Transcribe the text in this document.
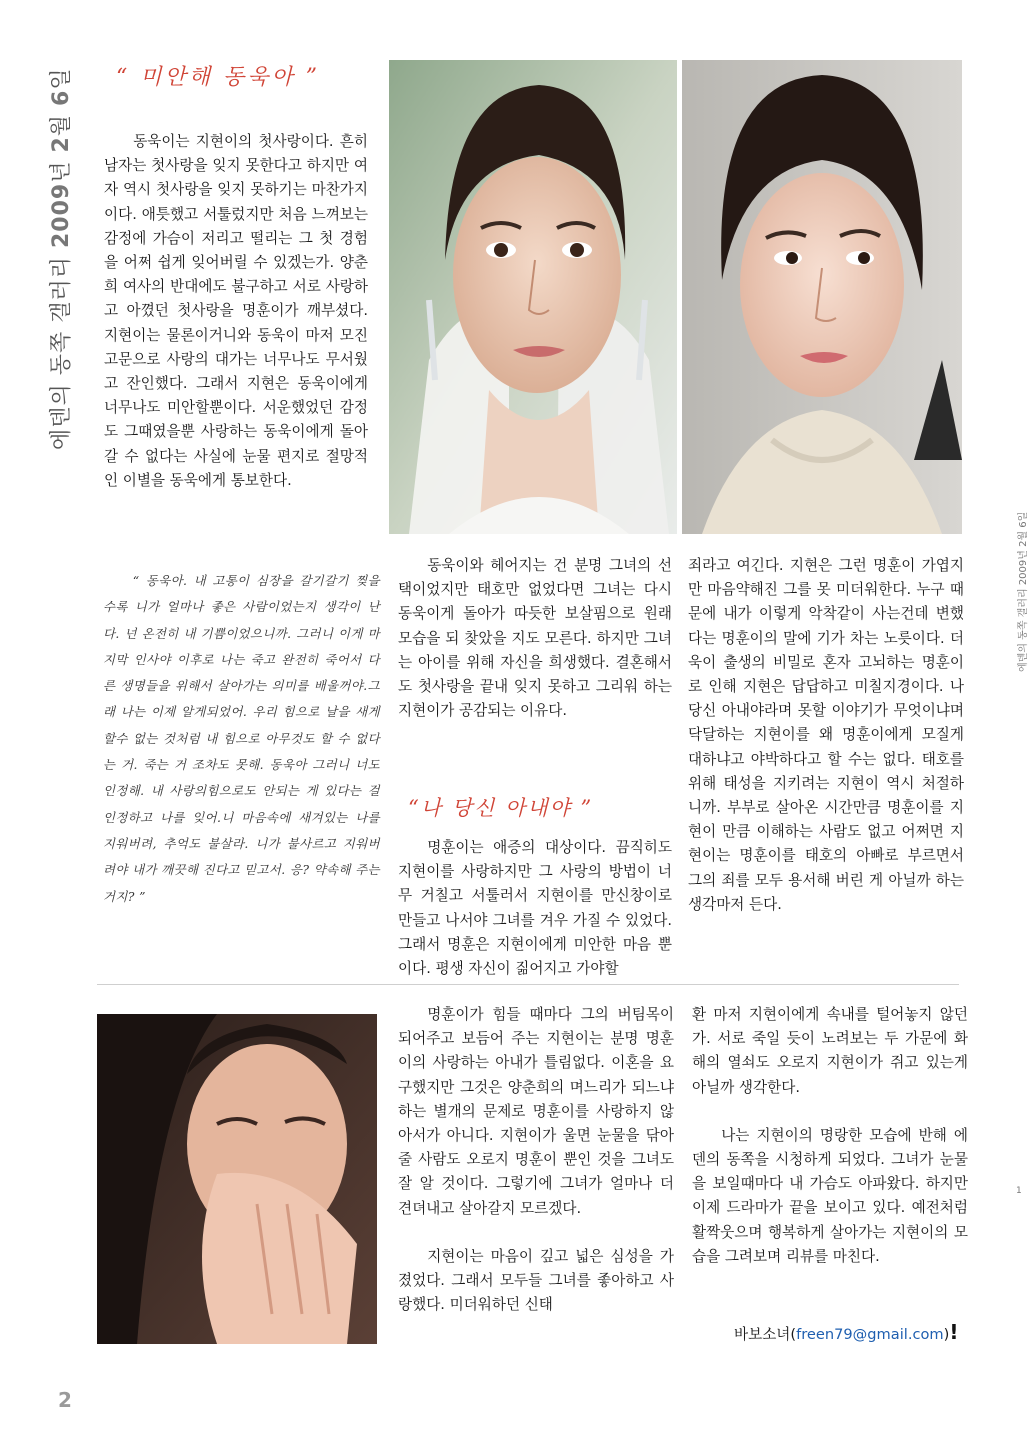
에덴의 동쪽 갤러리 2009년 2월 6일
에덴의 동쪽 갤러리 2009년 2월 6일
“ 미안해 동욱아 ”

동욱이는 지현이의 첫사랑이다. 흔히 남자는 첫사랑을 잊지 못한다고 하지만 여자 역시 첫사랑을 잊지 못하기는 마찬가지이다. 애틋했고 서툴렀지만 처음 느껴보는 감정에 가슴이 저리고 떨리는 그 첫 경험을 어쩌 쉽게 잊어버릴 수 있겠는가. 양춘희 여사의 반대에도 불구하고 서로 사랑하고 아꼈던 첫사랑을 명훈이가 깨부셨다. 지현이는 물론이거니와 동욱이 마저 모진 고문으로 사랑의 대가는 너무나도 무서웠고 잔인했다. 그래서 지현은 동욱이에게 너무나도 미안할뿐이다. 서운했었던 감정도 그때였을뿐 사랑하는 동욱이에게 돌아갈 수 없다는 사실에 눈물 편지로 절망적인 이별을 동욱에게 통보한다.

“ 동욱아. 내 고통이 심장을 갈기갈기 찢을 수록 니가 얼마나 좋은 사람이었는지 생각이 난다. 넌 온전히 내 기쁨이었으니까. 그러니 이게 마지막 인사야 이후로 나는 죽고 완전히 죽어서 다른 생명들을 위해서 살아가는 의미를 배울꺼야.그래 나는 이제 알게되었어. 우리 힘으로 날을 새게 할수 없는 것처럼 내 힘으로 아무것도 할 수 없다는 거. 죽는 거 조차도 못해. 동욱아 그러니 너도 인정해. 내 사랑의힘으로도 안되는 게 있다는 걸 인정하고 나를 잊어.니 마음속에 새겨있는 나를 지워버려, 추억도 불살라. 니가 불사르고 지워버려야 내가 깨끗해 진다고 믿고서. 응? 약속해 주는 거지? ”

동욱이와 헤어지는 건 분명 그녀의 선택이었지만 태호만 없었다면 그녀는 다시 동욱이게 돌아가 따듯한 보살핌으로 원래 모습을 되 찾았을 지도 모른다. 하지만 그녀는 아이를 위해 자신을 희생했다. 결혼해서도 첫사랑을 끝내 잊지 못하고 그리워 하는 지현이가 공감되는 이유다.

“나 당신 아내야 ”

명훈이는 애증의 대상이다. 끔직히도 지현이를 사랑하지만 그 사랑의 방법이 너무 거칠고 서툴러서 지현이를 만신창이로 만들고 나서야 그녀를 겨우 가질 수 있었다. 그래서 명훈은 지현이에게 미안한 마음 뿐이다. 평생 자신이 짊어지고 가야할

죄라고 여긴다. 지현은 그런 명훈이 가엽지만 마음약해진 그를 못 미더워한다. 누구 때문에 내가 이렇게 악착같이 사는건데 변했다는 명훈이의 말에 기가 차는 노릇이다. 더욱이 출생의 비밀로 혼자 고뇌하는 명훈이로 인해 지현은 답답하고 미칠지경이다. 나 당신 아내야라며 못할 이야기가 무엇이냐며 닥달하는 지현이를 왜 명훈이에게 모질게 대하냐고 야박하다고 할 수는 없다. 태호를 위해 태성을 지키려는 지현이 역시 처절하니까. 부부로 살아온 시간만큼 명훈이를 지현이 만큼 이해하는 사람도 없고 어쩌면 지현이는 명훈이를 태호의 아빠로 부르면서 그의 죄를 모두 용서해 버린 게 아닐까 하는 생각마저 든다.

명훈이가 힘들 때마다 그의 버팀목이 되어주고 보듬어 주는 지현이는 분명 명훈이의 사랑하는 아내가 틀림없다. 이혼을 요구했지만 그것은 양춘희의 며느리가 되느냐 하는 별개의 문제로 명훈이를 사랑하지 않아서가 아니다. 지현이가 울면 눈물을 닦아줄 사람도 오로지 명훈이 뿐인 것을 그녀도 잘 알 것이다. 그렇기에 그녀가 얼마나 더 견뎌내고 살아갈지 모르겠다.

지현이는 마음이 깊고 넓은 심성을 가졌었다. 그래서 모두들 그녀를 좋아하고 사랑했다. 미더워하던 신태

환 마저 지현이에게 속내를 털어놓지 않던가. 서로 죽일 듯이 노려보는 두 가문에 화해의 열쇠도 오로지 지현이가 쥐고 있는게 아닐까 생각한다.

나는 지현이의 명랑한 모습에 반해 에덴의 동쪽을 시청하게 되었다. 그녀가 눈물을 보일때마다 내 가슴도 아파왔다. 하지만 이제 드라마가 끝을 보이고 있다. 예전처럼 활짝웃으며 행복하게 살아가는 지현이의 모습을 그려보며 리뷰를 마친다.

바보소녀(freen79@gmail.com)!
2
1
